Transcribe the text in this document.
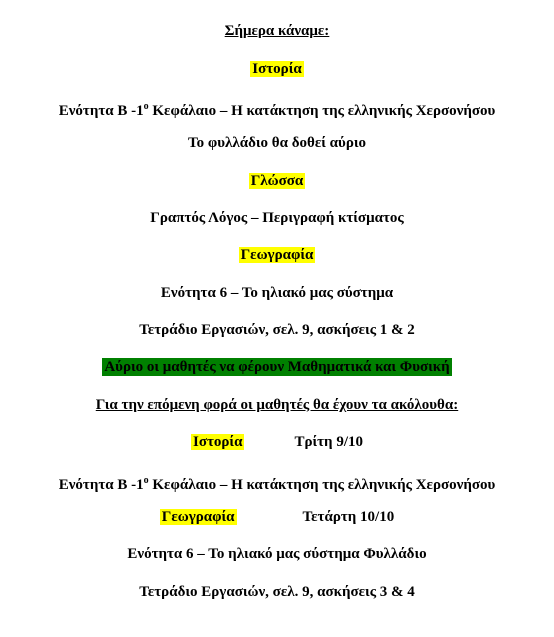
Σήμερα κάναμε:
Ιστορία
Ενότητα Β $-1^o$ Κεφάλαιο – Η κατάκτηση της ελληνικής Χερσονήσου
Το φυλλάδιο θα δοθεί αύριο
Γλώσσα
Γραπτός Λόγος – Περιγραφή κτίσματος
Γεωγραφία
Ενότητα 6 – Το ηλιακό μας σύστημα
Τετράδιο Εργασιών, σελ. 9, ασκήσεις 1 & 2
Αύριο οι μαθητές να φέρουν Μαθηματικά και Φυσική
Για την επόμενη φορά οι μαθητές θα έχουν τα ακόλουθα:
Ιστορία	Τρίτη 9/10
Ενότητα Β $-1^o$ Κεφάλαιο – Η κατάκτηση της ελληνικής Χερσονήσου
Γεωγραφία	Τετάρτη 10/10
Ενότητα 6 – Το ηλιακό μας σύστημα Φυλλάδιο
Τετράδιο Εργασιών, σελ. 9, ασκήσεις 3 & 4
